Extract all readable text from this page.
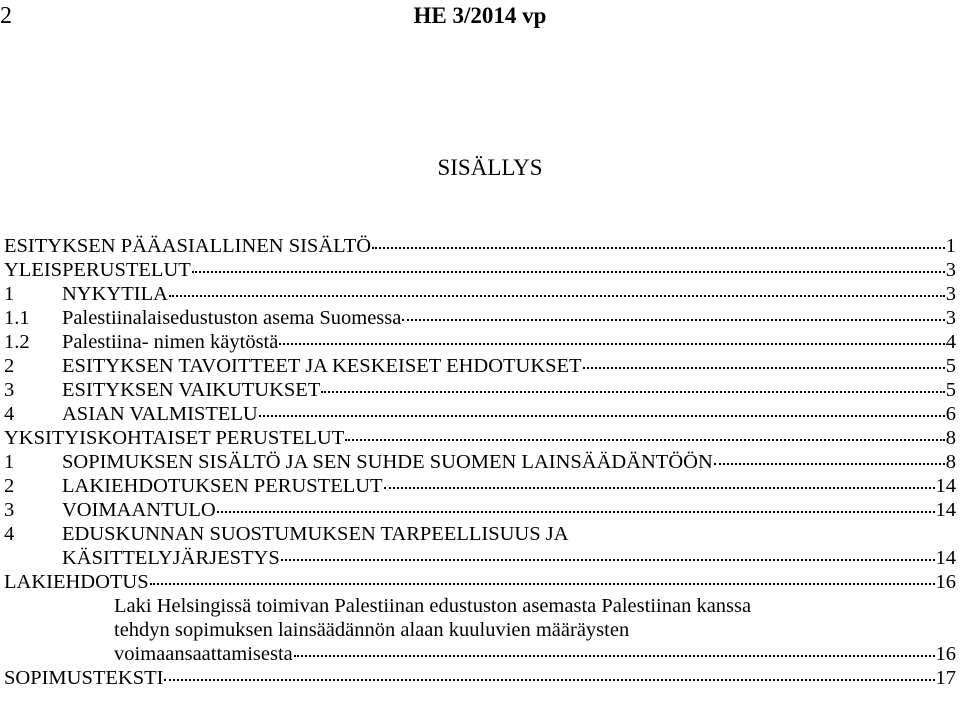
2	HE 3/2014 vp
SISÄLLYS
ESITYKSEN PÄÄASIALLINEN SISÄLTÖ	1
YLEISPERUSTELUT	3
1	NYKYTILA	3
1.1	Palestiinalaisedustuston asema Suomessa	3
1.2	Palestiina- nimen käytöstä	4
2	ESITYKSEN TAVOITTEET JA KESKEISET EHDOTUKSET	5
3	ESITYKSEN VAIKUTUKSET	5
4	ASIAN VALMISTELU	6
YKSITYISKOHTAISET PERUSTELUT	8
1	SOPIMUKSEN SISÄLTÖ JA SEN SUHDE SUOMEN LAINSÄÄDÄNTÖÖN	8
2	LAKIEHDOTUKSEN PERUSTELUT	14
3	VOIMAANTULO	14
4	EDUSKUNNAN SUOSTUMUKSEN TARPEELLISUUS JA
KÄSITTELYJÄRJESTYS	14
LAKIEHDOTUS	16
Laki Helsingissä toimivan Palestiinan edustuston asemasta Palestiinan kanssa
tehdyn sopimuksen lainsäädännön alaan kuuluvien määräysten
voimaansaattamisesta	16
SOPIMUSTEKSTI	17
